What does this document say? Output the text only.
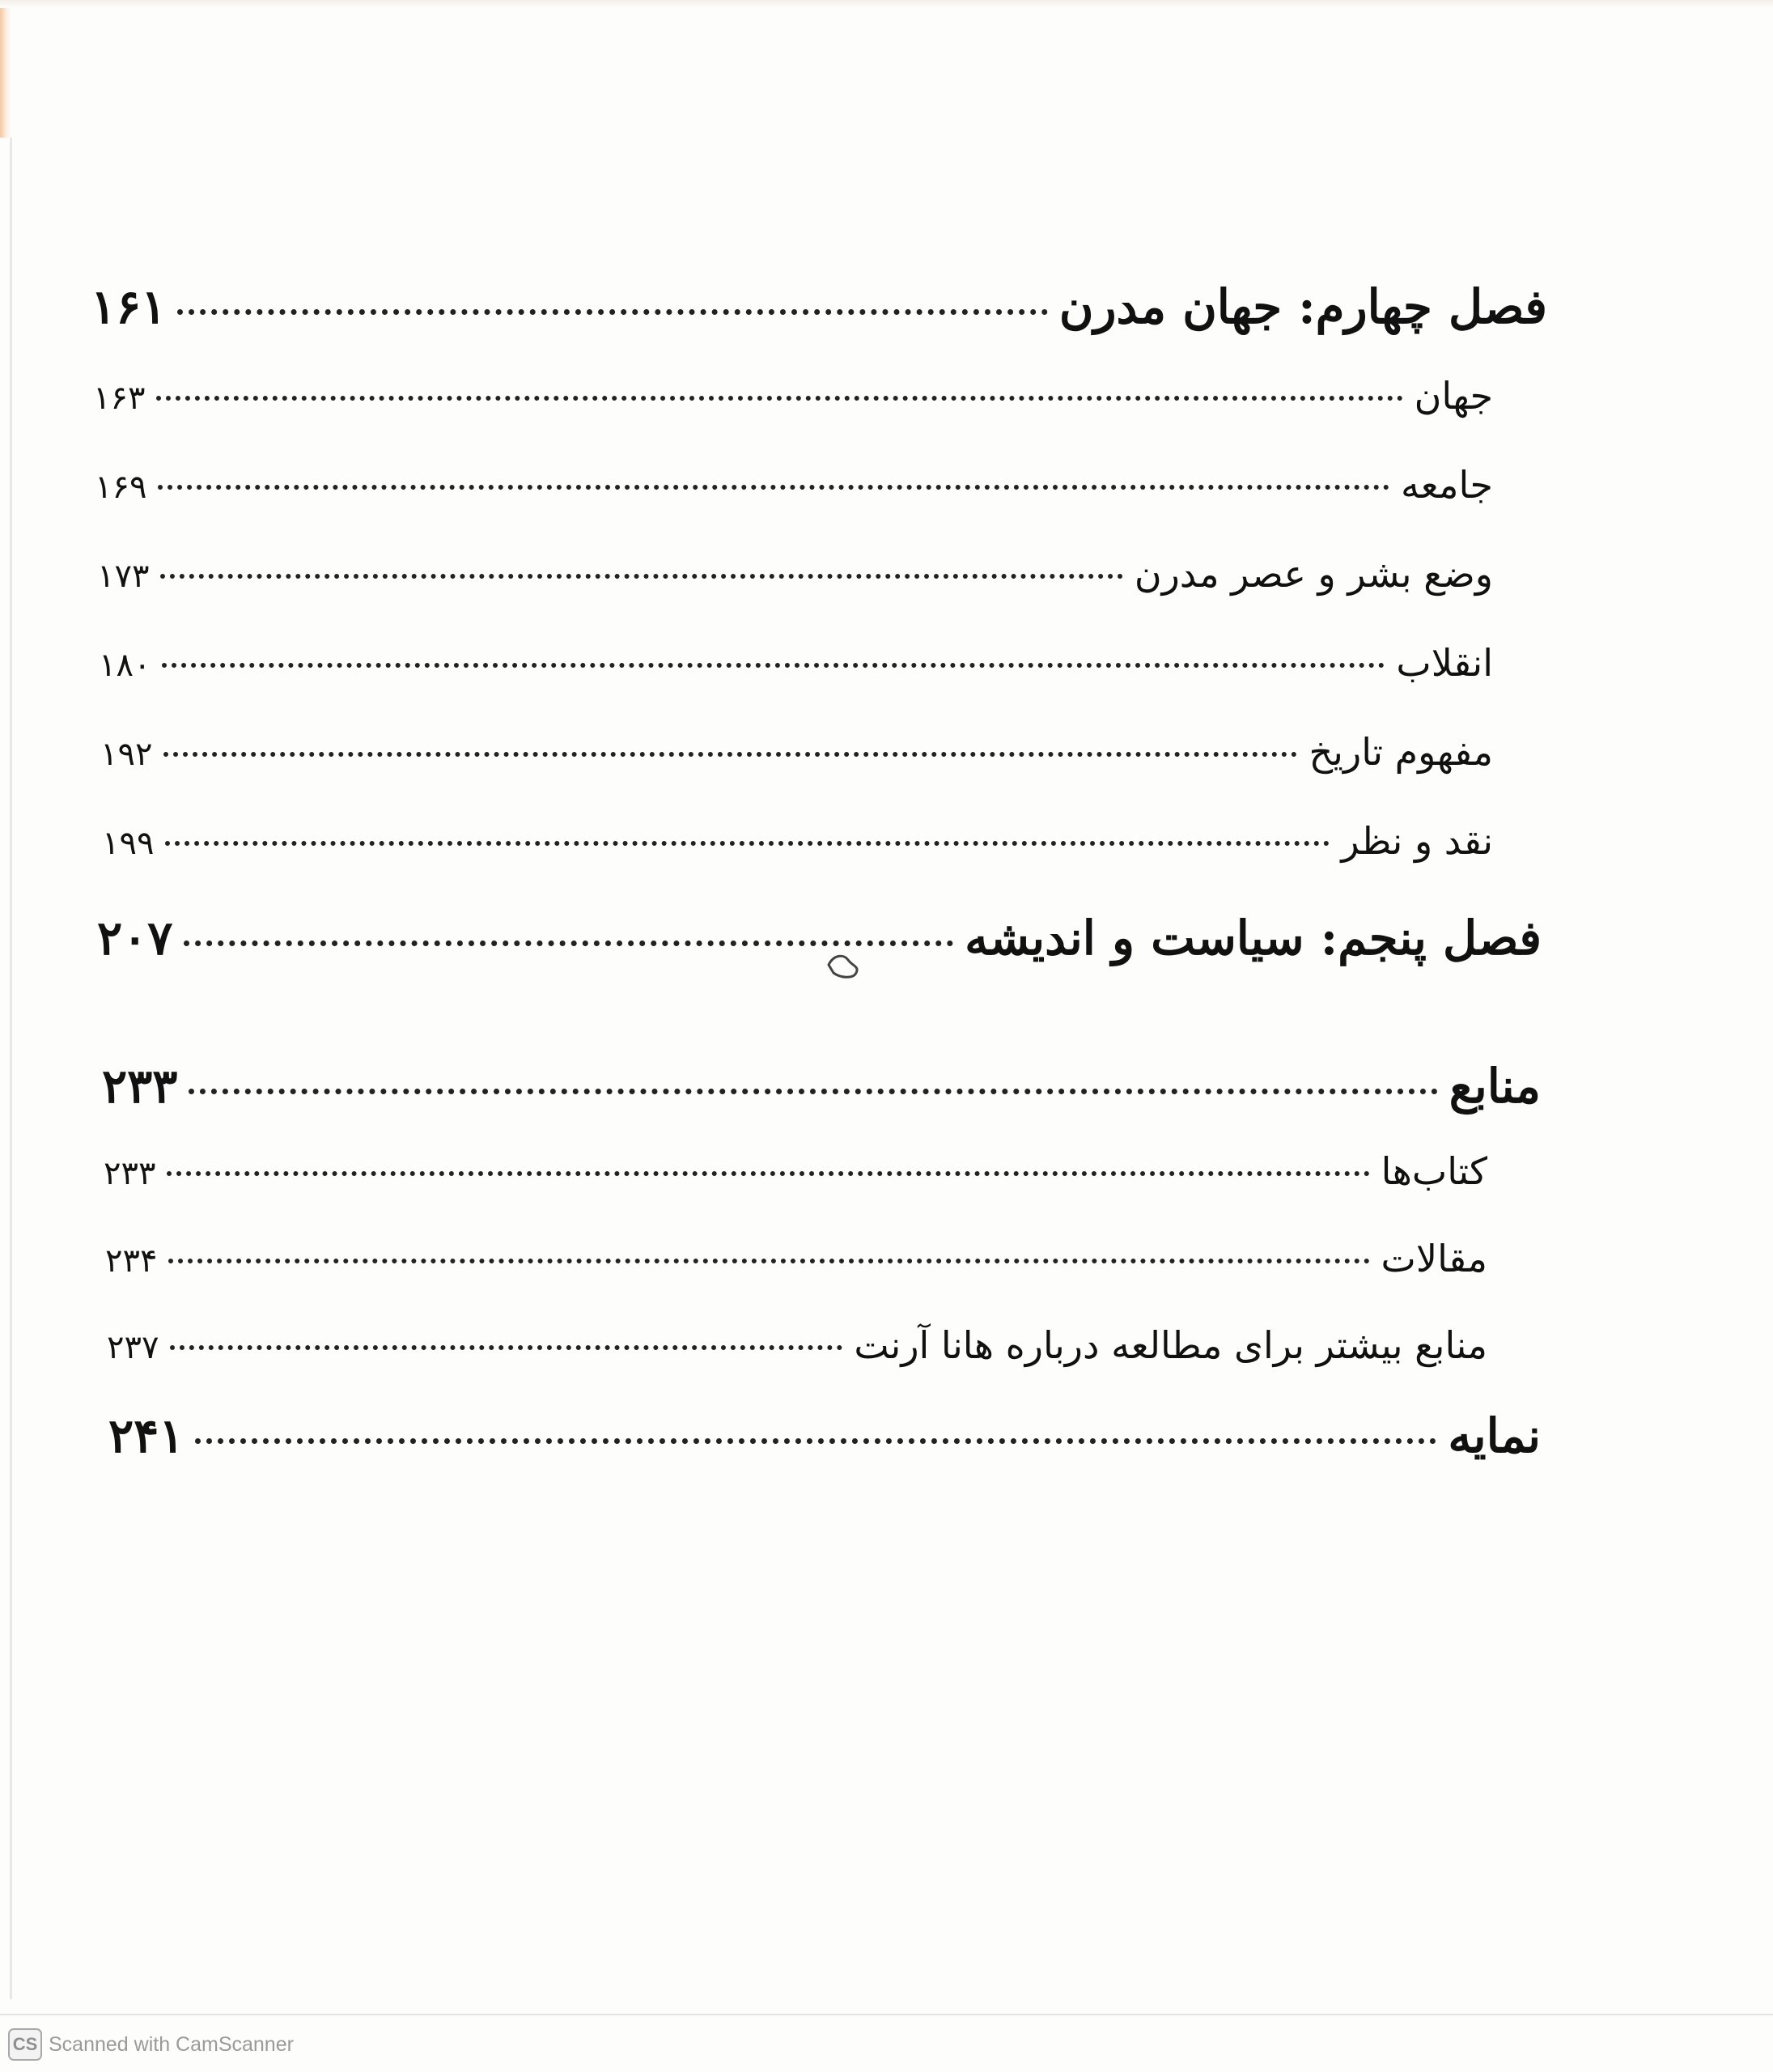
فصل چهارم: جهان مدرن
۱۶۱
جهان
۱۶۳
جامعه
۱۶۹
وضع بشر و عصر مدرن
۱۷۳
انقلاب
۱۸۰
مفهوم تاریخ
۱۹۲
نقد و نظر
۱۹۹
فصل پنجم: سیاست و اندیشه
۲۰۷
منابع
۲۳۳
کتاب‌ها
۲۳۳
مقالات
۲۳۴
منابع بیشتر برای مطالعه درباره هانا آرنت
۲۳۷
نمایه
۲۴۱
CS Scanned with CamScanner
